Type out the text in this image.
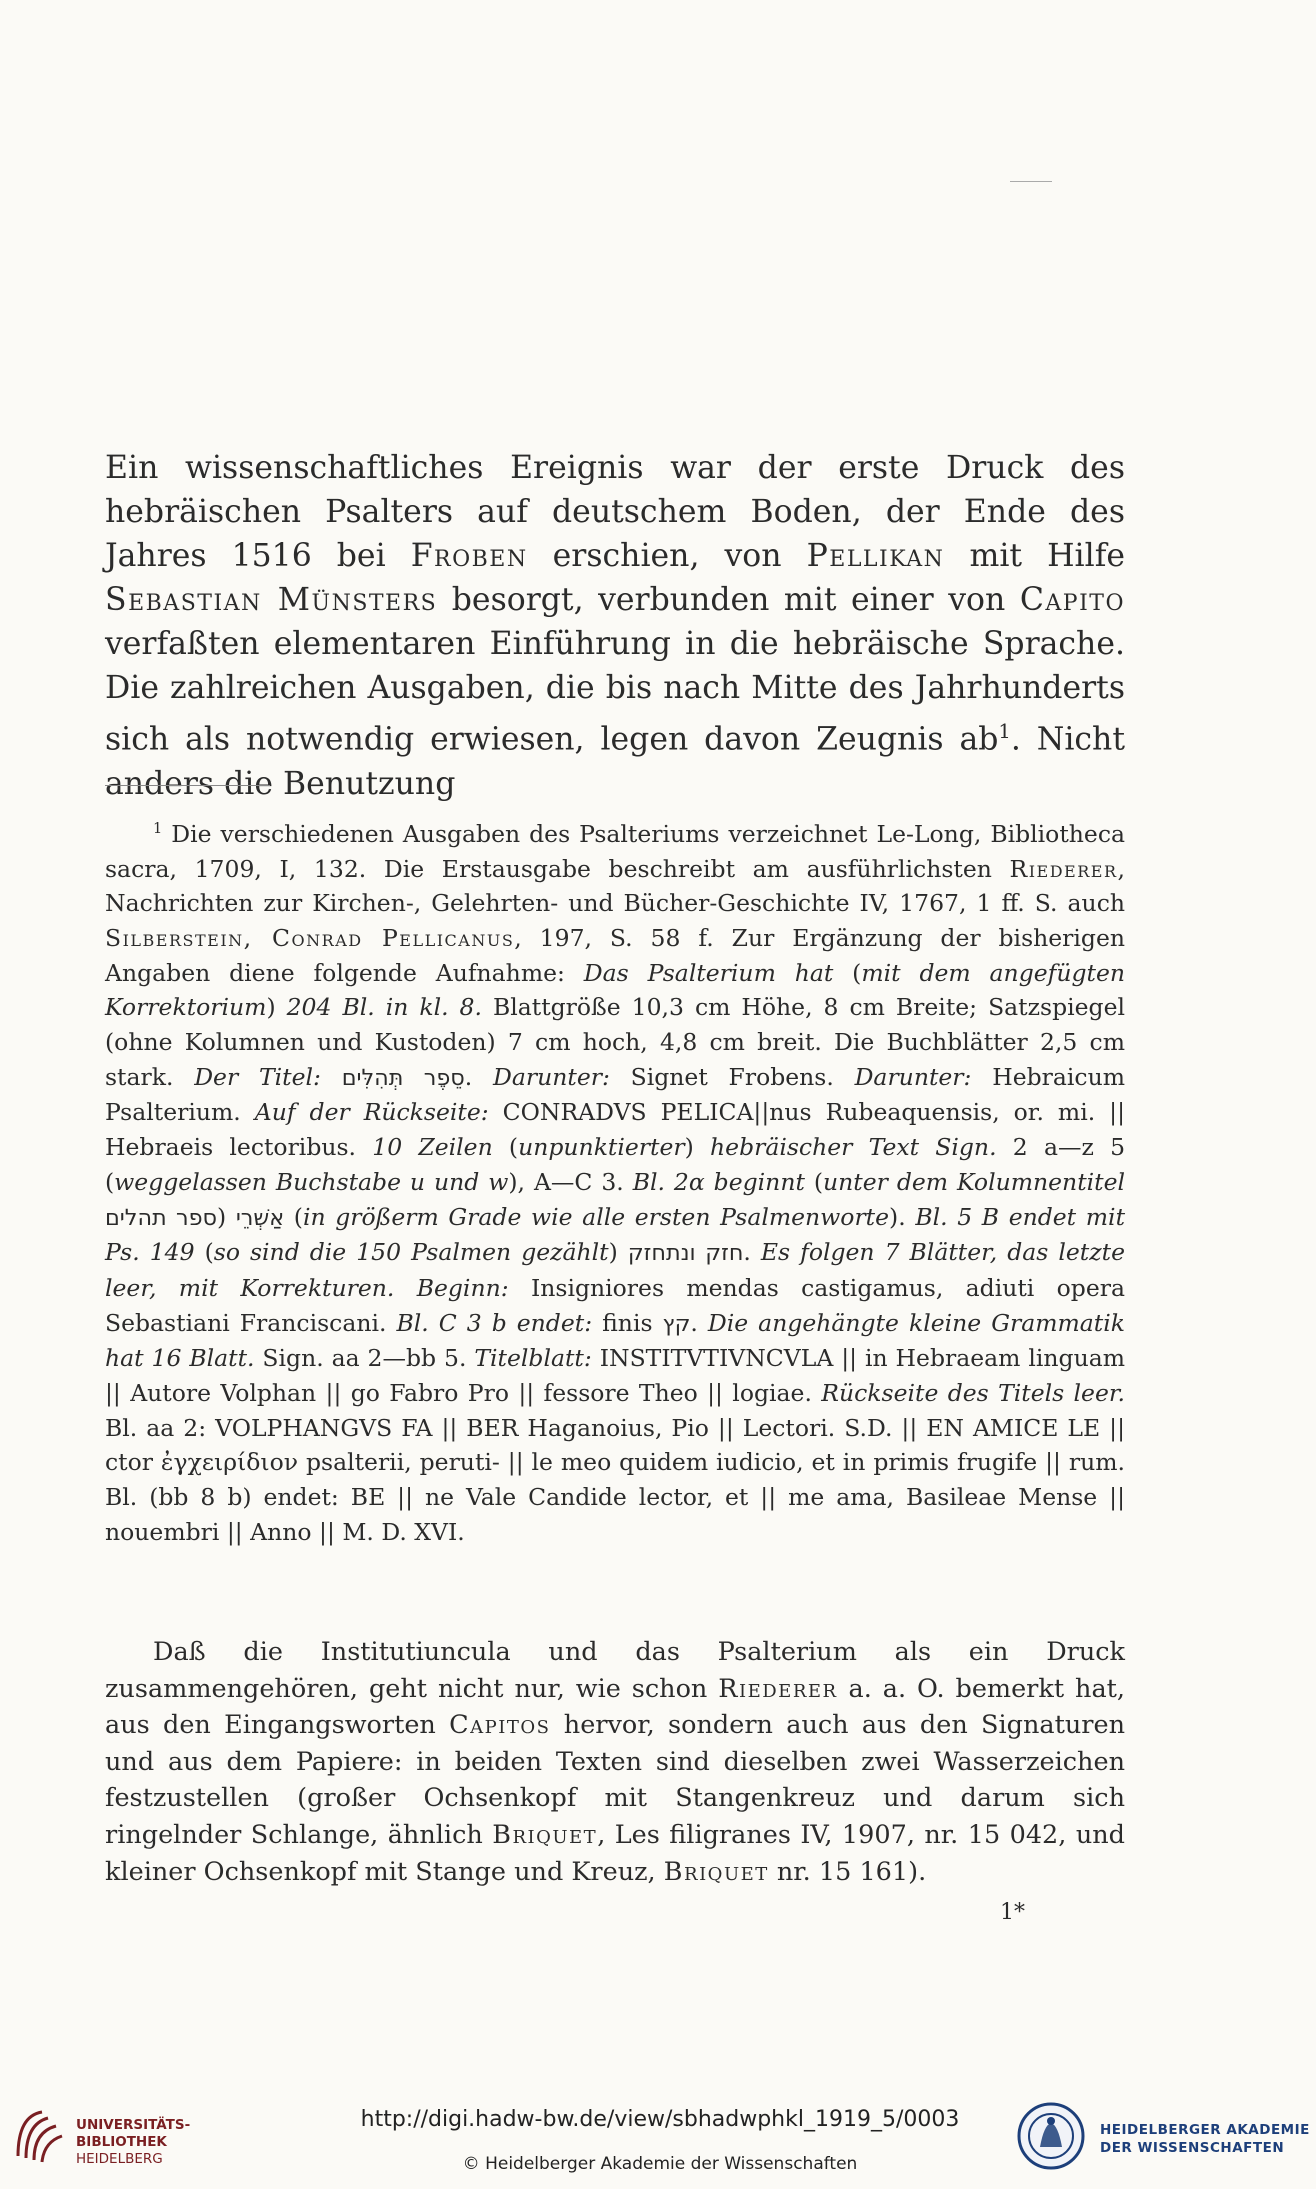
Ein wissenschaftliches Ereignis war der erste Druck des hebräischen Psalters auf deutschem Boden, der Ende des Jahres 1516 bei Froben erschien, von Pellikan mit Hilfe Sebastian Münsters besorgt, verbunden mit einer von Capito verfaßten elementaren Einführung in die hebräische Sprache. Die zahlreichen Ausgaben, die bis nach Mitte des Jahrhunderts sich als notwendig erwiesen, legen davon Zeugnis $ab^1$. Nicht anders die Benutzung

$^1$ Die verschiedenen Ausgaben des Psalteriums verzeichnet Le-Long, Bibliotheca sacra, 1709, I, 132. Die Erstausgabe beschreibt am ausführlichsten Riederer, Nachrichten zur Kirchen-, Gelehrten- und Bücher-Geschichte IV, 1767, 1 ff. S. auch Silberstein, Conrad Pellicanus, 197, S. 58 f. Zur Ergänzung der bisherigen Angaben diene folgende Aufnahme: Das Psalterium hat (mit dem angefügten Korrektorium) 204 Bl. in kl. 8. Blattgröße 10,3 cm Höhe, 8 cm Breite; Satzspiegel (ohne Kolumnen und Kustoden) 7 cm hoch, 4,8 cm breit. Die Buchblätter 2,5 cm stark. Der Titel: סֵפֶר תְּהִלִּים. Darunter: Signet Frobens. Darunter: Hebraicum Psalterium. Auf der Rückseite: CONRADVS PELICA||nus Rubeaquensis, or. mi. || Hebraeis lectoribus. 10 Zeilen (unpunktierter) hebräischer Text Sign. 2 a—z 5 (weggelassen Buchstabe u und w), A—C 3. Bl. 2α beginnt (unter dem Kolumnentitel ספר תהלים) אַשְׁרֵי (in größerm Grade wie alle ersten Psalmenworte). Bl. 5 B endet mit Ps. 149 (so sind die 150 Psalmen gezählt) חזק ונתחזק. Es folgen 7 Blätter, das letzte leer, mit Korrekturen. Beginn: Insigniores mendas castigamus, adiuti opera Sebastiani Franciscani. Bl. C 3 b endet: finis קץ. Die angehängte kleine Grammatik hat 16 Blatt. Sign. aa 2—bb 5. Titelblatt: INSTITVTIVNCVLA || in Hebraeam linguam || Autore Volphan || go Fabro Pro || fessore Theo || logiae. Rückseite des Titels leer. Bl. aa 2: VOLPHANGVS FA || BER Haganoius, Pio || Lectori. S.D. || EN AMICE LE || ctor ἐγχειρίδιον psalterii, peruti- || le meo quidem iudicio, et in primis frugife || rum. Bl. (bb 8 b) endet: BE || ne Vale Candide lector, et || me ama, Basileae Mense || nouembri || Anno || M. D. XVI.

Daß die Institutiuncula und das Psalterium als ein Druck zusammengehören, geht nicht nur, wie schon Riederer a. a. O. bemerkt hat, aus den Eingangsworten Capitos hervor, sondern auch aus den Signaturen und aus dem Papiere: in beiden Texten sind dieselben zwei Wasserzeichen festzustellen (großer Ochsenkopf mit Stangenkreuz und darum sich ringelnder Schlange, ähnlich Briquet, Les filigranes IV, 1907, nr. 15 042, und kleiner Ochsenkopf mit Stange und Kreuz, Briquet nr. 15 161).

1*
UNIVERSITÄTS-
BIBLIOTHEK
HEIDELBERG
http://digi.hadw-bw.de/view/sbhadwphkl_1919_5/0003
© Heidelberger Akademie der Wissenschaften
HEIDELBERGER AKADEMIE
DER WISSENSCHAFTEN
